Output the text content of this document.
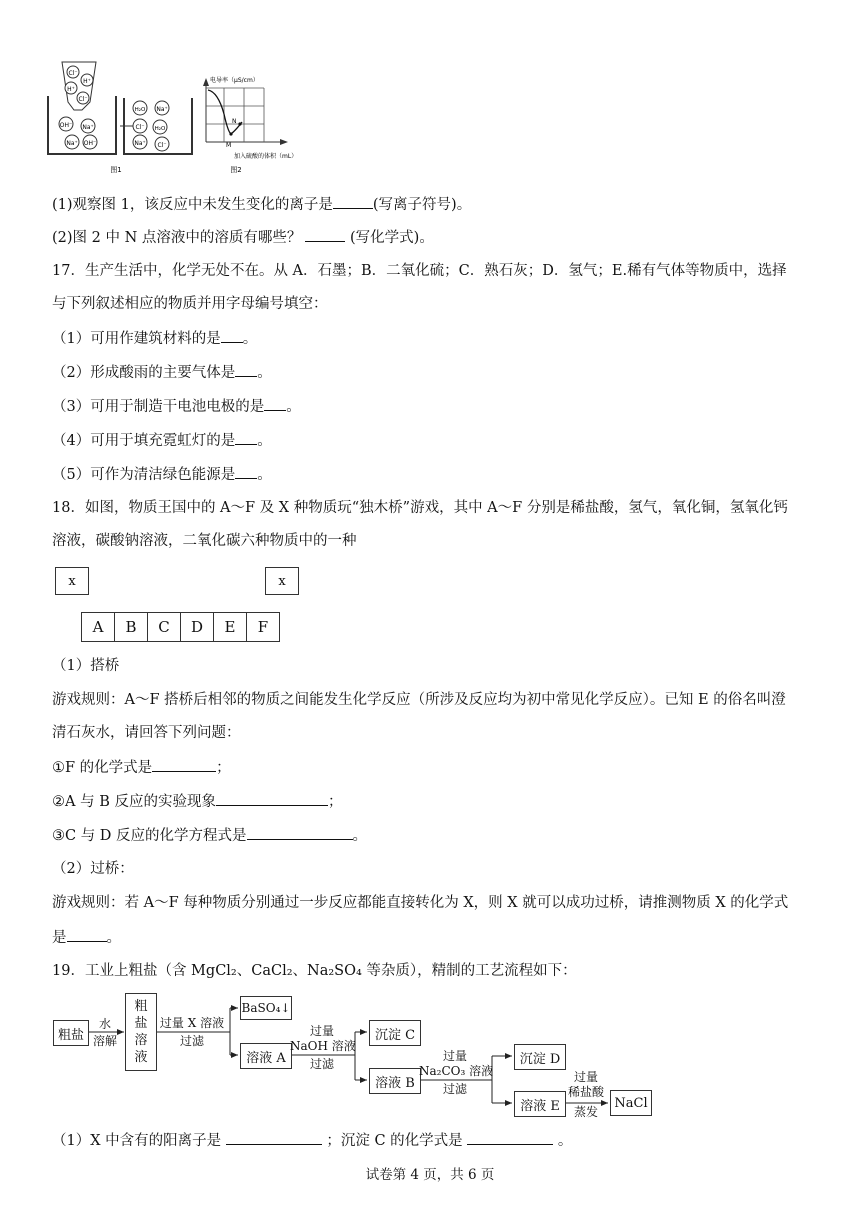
Cl⁻
H⁺
H⁺
Cl⁻
OH⁻ Na⁺
Na⁺ OH⁻
H₂O Na⁺
Cl⁻ H₂O
Na⁺ Cl⁻
图1
电导率（μS/cm）
N
M
加入硫酸的体积（mL）
图2
(1)观察图 1，该反应中未发生变化的离子是	(写离子符号)。
(2)图 2 中 N 点溶液中的溶质有哪些？	(写化学式)。
17．生产生活中，化学无处不在。从 A．石墨；B．二氧化硫；C．熟石灰；D．氢气；E.稀有气体等物质中，选择
与下列叙述相应的物质并用字母编号填空：
（1）可用作建筑材料的是 。
（2）形成酸雨的主要气体是 。
（3）可用于制造干电池电极的是 。
（4）可用于填充霓虹灯的是 。
（5）可作为清洁绿色能源是 。
18．如图，物质王国中的 A～F 及 X 种物质玩“独木桥”游戏，其中 A～F 分别是稀盐酸，氢气，氧化铜，氢氧化钙
溶液，碳酸钠溶液，二氧化碳六种物质中的一种
x	x
A	B	C	D	E	F
（1）搭桥
游戏规则：A～F 搭桥后相邻的物质之间能发生化学反应（所涉及反应均为初中常见化学反应）。已知 E 的俗名叫澄
清石灰水，请回答下列问题：
①F 的化学式是	；
②A 与 B 反应的实验现象	；
③C 与 D 反应的化学方程式是	。
（2）过桥：
游戏规则：若 A～F 每种物质分别通过一步反应都能直接转化为 X，则 X 就可以成功过桥，请推测物质 X 的化学式
是	。
19．工业上粗盐（含 MgCl₂、CaCl₂、Na₂SO₄ 等杂质），精制的工艺流程如下：
粗盐
水
溶解
粗
盐
溶
液
过量 X 溶液
过滤
BaSO₄↓
溶液 A
过量
NaOH 溶液
过滤
沉淀 C
溶液 B
过量
Na₂CO₃ 溶液
过滤
沉淀 D
溶液 E
过量
稀盐酸
蒸发
NaCl
（1）X 中含有的阳离子是	；沉淀 C 的化学式是	。
试卷第 4 页，共 6 页
